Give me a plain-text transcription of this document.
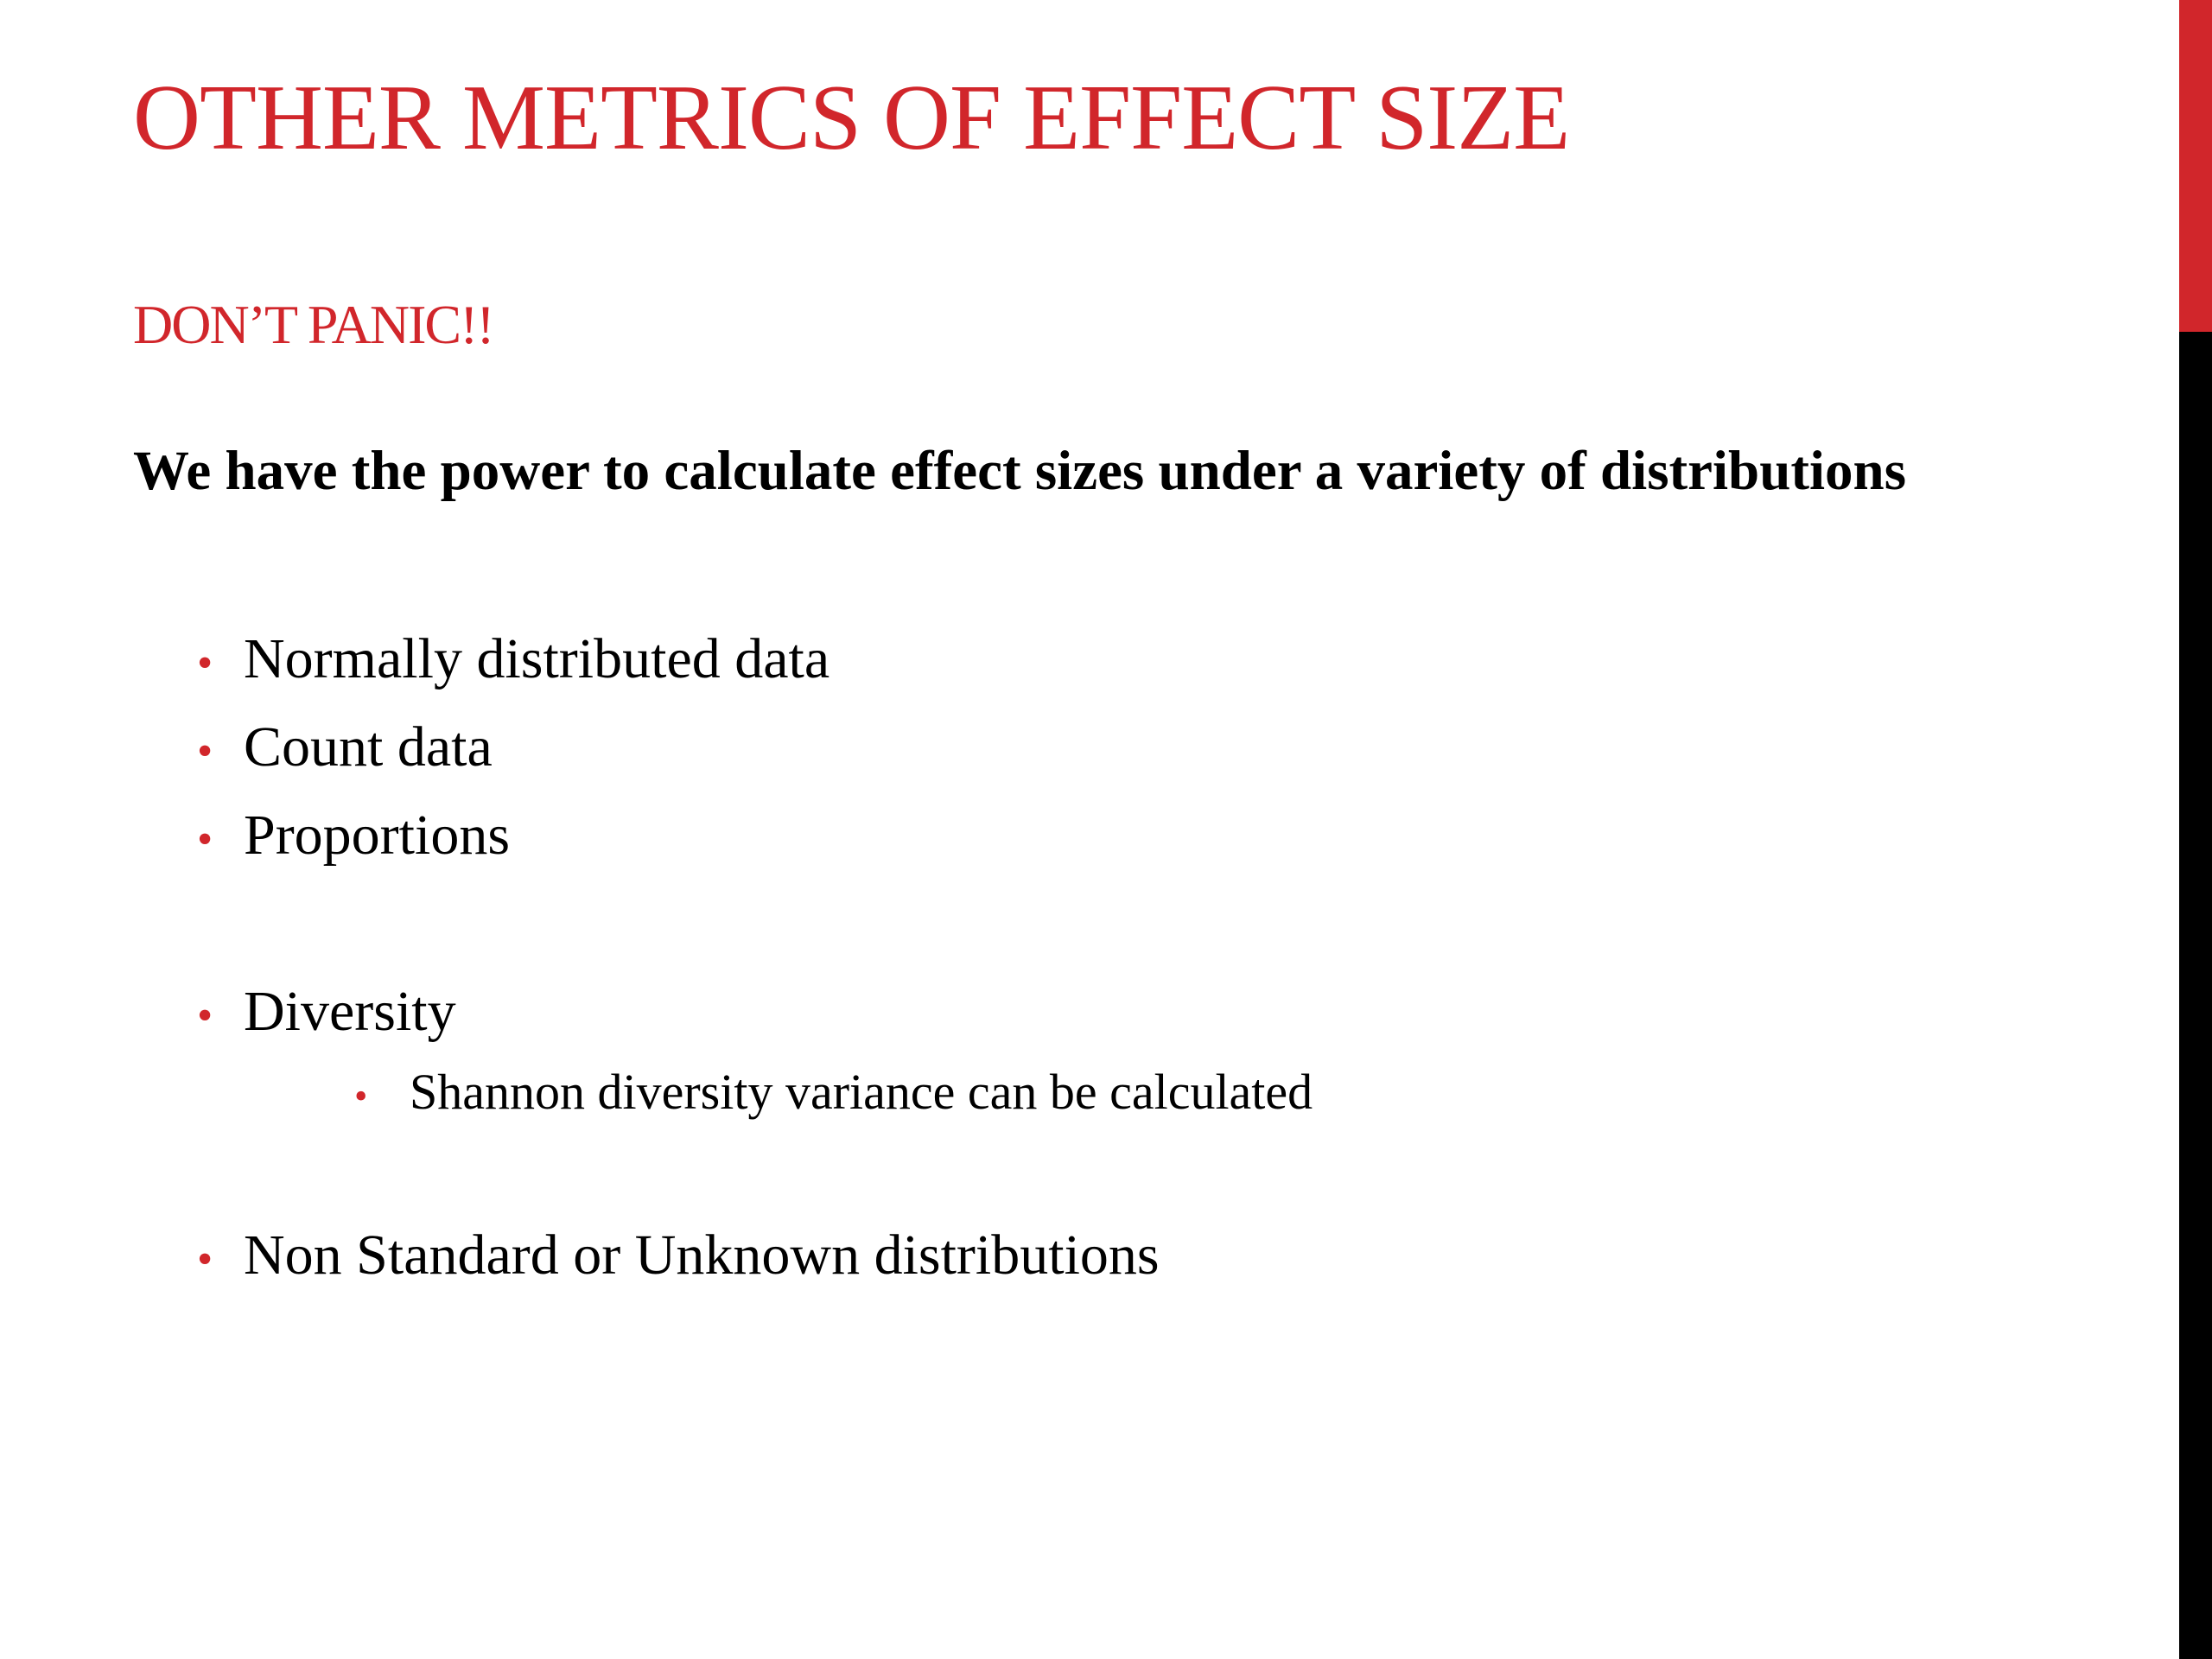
OTHER METRICS OF EFFECT SIZE
DON’T PANIC!!

We have the power to calculate effect sizes under a variety of distributions

• Normally distributed data
• Count data
• Proportions
• Diversity
• Shannon diversity variance can be calculated
• Non Standard or Unknown distributions
